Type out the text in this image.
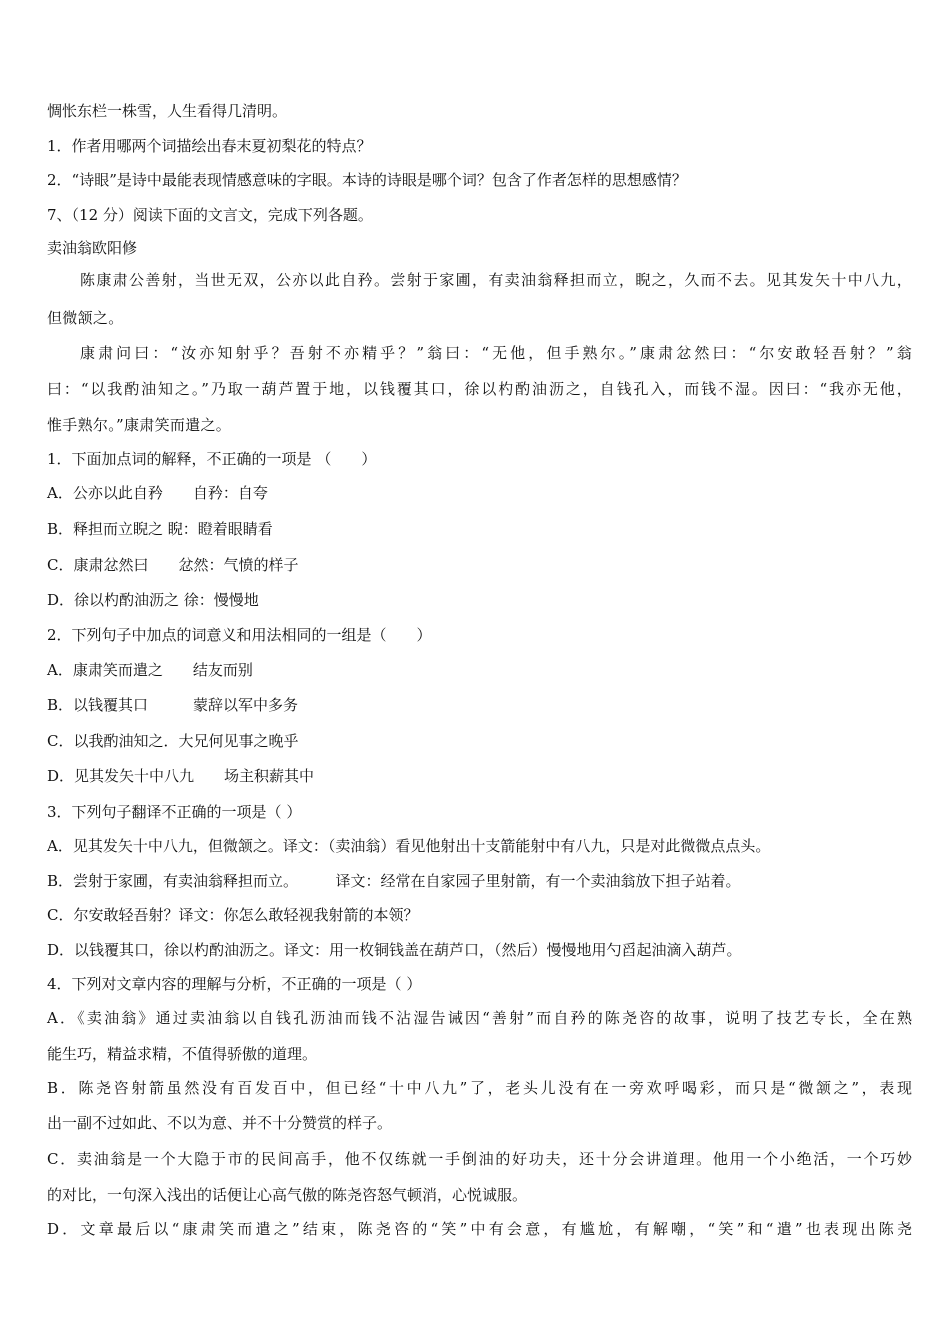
惆怅东栏一株雪，人生看得几清明。
1．作者用哪两个词描绘出春末夏初梨花的特点？
2．“诗眼”是诗中最能表现情感意味的字眼。本诗的诗眼是哪个词？包含了作者怎样的思想感情？
7、（12 分）阅读下面的文言文，完成下列各题。
卖油翁欧阳修
陈康肃公善射，当世无双，公亦以此自矜。尝射于家圃，有卖油翁释担而立，睨之，久而不去。见其发矢十中八九，
但微颔之。
康肃问曰：“汝亦知射乎？吾射不亦精乎？”翁曰：“无他，但手熟尔。”康肃忿然曰：“尔安敢轻吾射？”翁
曰：“以我酌油知之。”乃取一葫芦置于地，以钱覆其口，徐以杓酌油沥之，自钱孔入，而钱不湿。因曰：“我亦无他，
惟手熟尔。”康肃笑而遣之。
1．下面加点词的解释，不正确的一项是 （　　）
A．公亦以此自矜　　自矜：自夸
B．释担而立睨之 睨：瞪着眼睛看
C．康肃忿然曰　　忿然：气愤的样子
D．徐以杓酌油沥之 徐：慢慢地
2．下列句子中加点的词意义和用法相同的一组是（　　）
A．康肃笑而遣之　　结友而别
B．以钱覆其口　　　蒙辞以军中多务
C．以我酌油知之．大兄何见事之晚乎
D．见其发矢十中八九　　场主积薪其中
3．下列句子翻译不正确的一项是（ ）
A．见其发矢十中八九，但微颔之。译文：（卖油翁）看见他射出十支箭能射中有八九，只是对此微微点点头。
B．尝射于家圃，有卖油翁释担而立。　　　译文：经常在自家园子里射箭，有一个卖油翁放下担子站着。
C．尔安敢轻吾射？译文：你怎么敢轻视我射箭的本领？
D．以钱覆其口，徐以杓酌油沥之。译文：用一枚铜钱盖在葫芦口，（然后）慢慢地用勺舀起油滴入葫芦。
4．下列对文章内容的理解与分析，不正确的一项是（ ）
A．《卖油翁》通过卖油翁以自钱孔沥油而钱不沾湿告诫因“善射”而自矜的陈尧咨的故事，说明了技艺专长，全在熟
能生巧，精益求精，不值得骄傲的道理。
B．陈尧咨射箭虽然没有百发百中，但已经“十中八九”了，老头儿没有在一旁欢呼喝彩，而只是“微颔之”，表现
出一副不过如此、不以为意、并不十分赞赏的样子。
C．卖油翁是一个大隐于市的民间高手，他不仅练就一手倒油的好功夫，还十分会讲道理。他用一个小绝活，一个巧妙
的对比，一句深入浅出的话便让心高气傲的陈尧咨怒气顿消，心悦诚服。
D．文章最后以“康肃笑而遣之”结束，陈尧咨的“笑”中有会意，有尴尬，有解嘲，“笑”和“遣”也表现出陈尧
